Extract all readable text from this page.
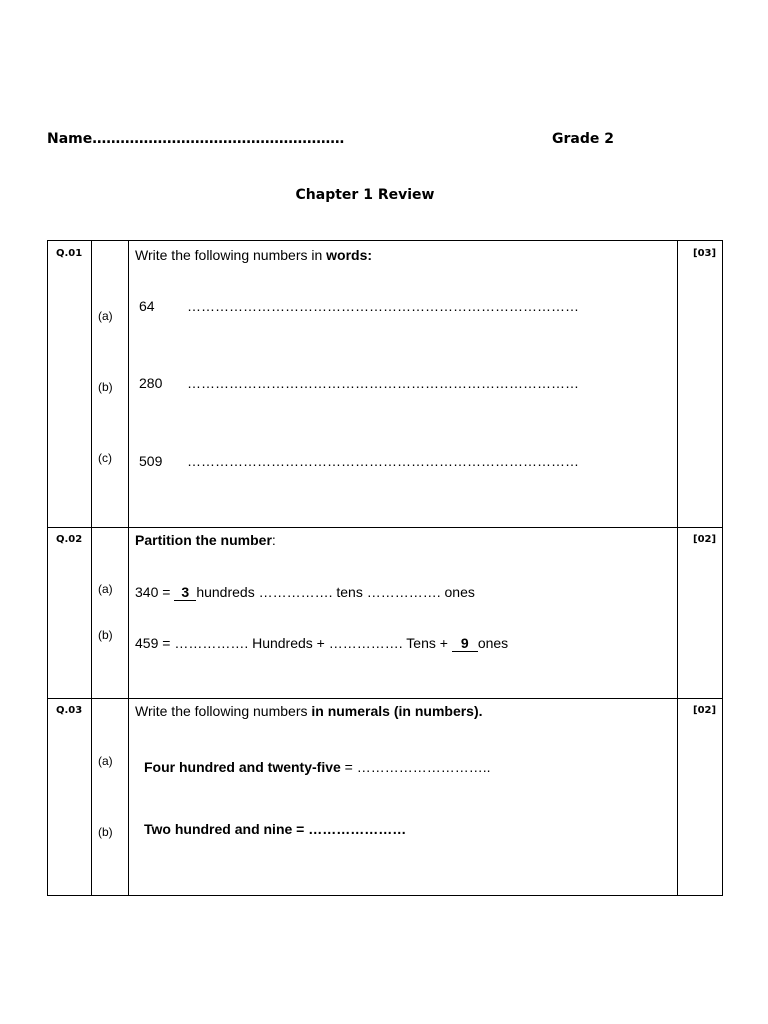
Name………………………………………………	Grade 2
Chapter 1 Review
Q.01	[03]
Write the following numbers in words:
(a)
64 …………………………………………………………………………
(b) 280 …………………………………………………………………………
(c) 509 …………………………………………………………………………
Q.02	[02]
Partition the number:
(a) 340 = 3 hundreds ……………. tens ……………. ones
(b) 459 = ……………. Hundreds + ……………. Tens + 9 ones
Q.03	[02]
Write the following numbers in numerals (in numbers).
(a) Four hundred and twenty-five = ………………………..
(b) Two hundred and nine = …………………
